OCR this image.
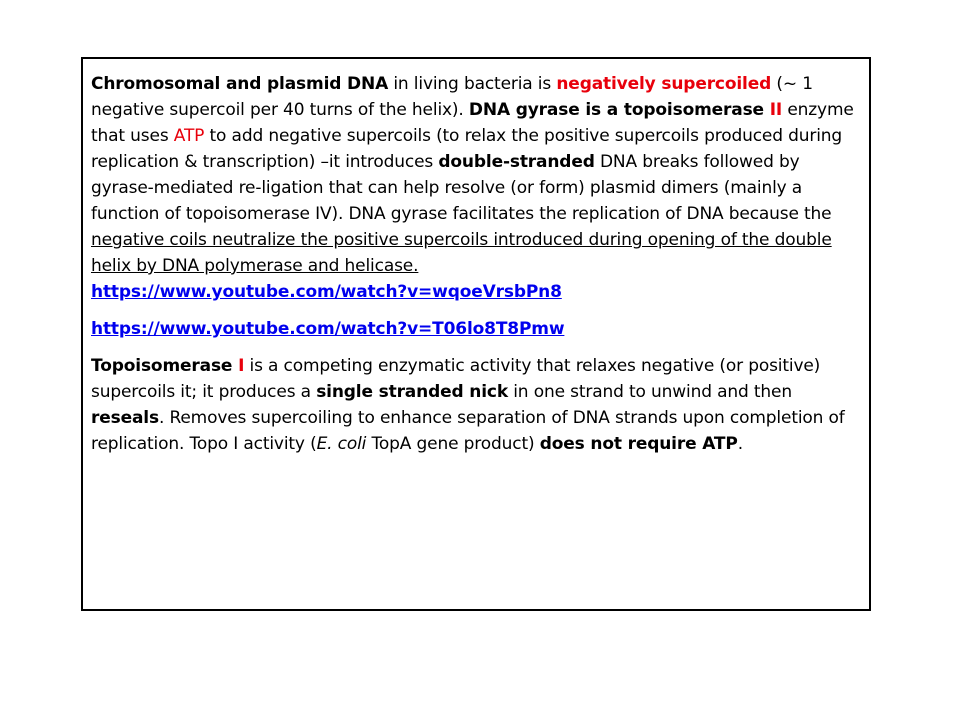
Chromosomal and plasmid DNA in living bacteria is negatively supercoiled (~ 1 negative supercoil per 40 turns of the helix). DNA gyrase is a topoisomerase II enzyme that uses ATP to add negative supercoils (to relax the positive supercoils produced during replication & transcription) –it introduces double-stranded DNA breaks followed by gyrase-mediated re-ligation that can help resolve (or form) plasmid dimers (mainly a function of topoisomerase IV). DNA gyrase facilitates the replication of DNA because the negative coils neutralize the positive supercoils introduced during opening of the double helix by DNA polymerase and helicase.

https://www.youtube.com/watch?v=wqoeVrsbPn8

https://www.youtube.com/watch?v=T06lo8T8Pmw

Topoisomerase I is a competing enzymatic activity that relaxes negative (or positive) supercoils it; it produces a single stranded nick in one strand to unwind and then reseals. Removes supercoiling to enhance separation of DNA strands upon completion of replication. Topo I activity (E. coli TopA gene product) does not require ATP.
